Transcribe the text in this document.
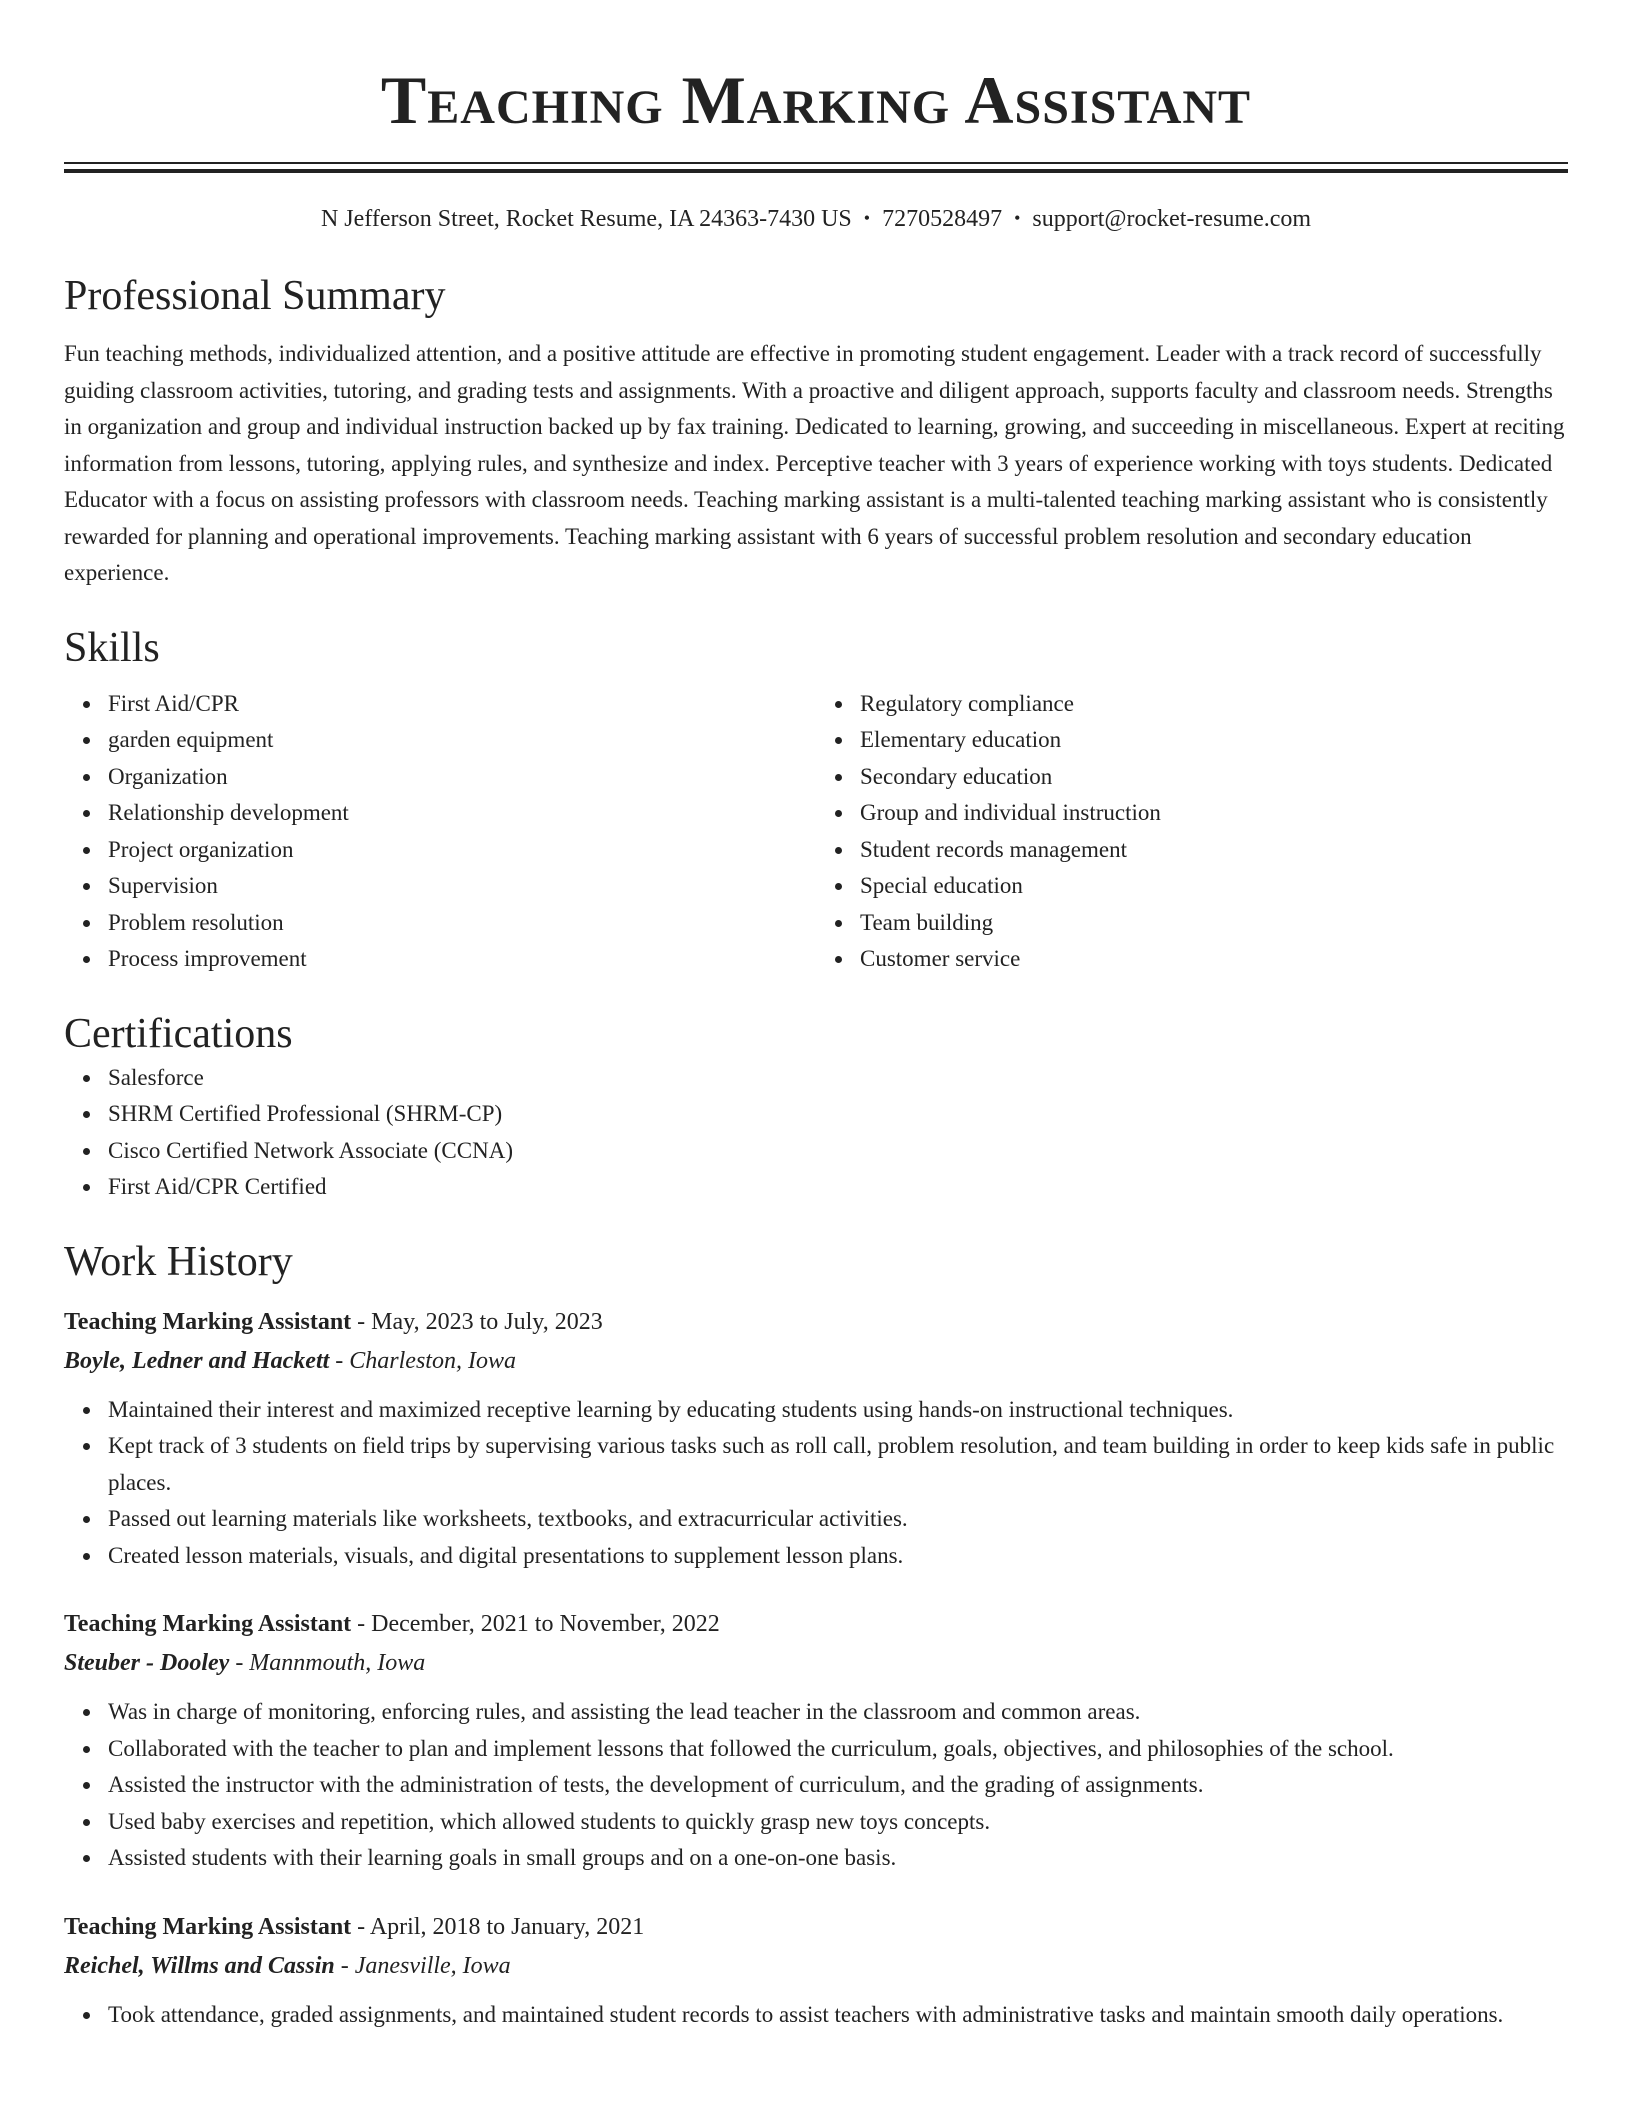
Teaching Marking Assistant
N Jefferson Street, Rocket Resume, IA 24363-7430 US • 7270528497 • support@rocket-resume.com
Professional Summary

Fun teaching methods, individualized attention, and a positive attitude are effective in promoting student engagement. Leader with a track record of successfully guiding classroom activities, tutoring, and grading tests and assignments. With a proactive and diligent approach, supports faculty and classroom needs. Strengths in organization and group and individual instruction backed up by fax training. Dedicated to learning, growing, and succeeding in miscellaneous. Expert at reciting information from lessons, tutoring, applying rules, and synthesize and index. Perceptive teacher with 3 years of experience working with toys students. Dedicated Educator with a focus on assisting professors with classroom needs. Teaching marking assistant is a multi-talented teaching marking assistant who is consistently rewarded for planning and operational improvements. Teaching marking assistant with 6 years of successful problem resolution and secondary education experience.

Skills
First Aid/CPR
garden equipment
Organization
Relationship development
Project organization
Supervision
Problem resolution
Process improvement
Regulatory compliance
Elementary education
Secondary education
Group and individual instruction
Student records management
Special education
Team building
Customer service
Certifications
Salesforce
SHRM Certified Professional (SHRM-CP)
Cisco Certified Network Associate (CCNA)
First Aid/CPR Certified
Work History
Teaching Marking Assistant - May, 2023 to July, 2023
Boyle, Ledner and Hackett - Charleston, Iowa
Maintained their interest and maximized receptive learning by educating students using hands-on instructional techniques.
Kept track of 3 students on field trips by supervising various tasks such as roll call, problem resolution, and team building in order to keep kids safe in public places.
Passed out learning materials like worksheets, textbooks, and extracurricular activities.
Created lesson materials, visuals, and digital presentations to supplement lesson plans.
Teaching Marking Assistant - December, 2021 to November, 2022
Steuber - Dooley - Mannmouth, Iowa
Was in charge of monitoring, enforcing rules, and assisting the lead teacher in the classroom and common areas.
Collaborated with the teacher to plan and implement lessons that followed the curriculum, goals, objectives, and philosophies of the school.
Assisted the instructor with the administration of tests, the development of curriculum, and the grading of assignments.
Used baby exercises and repetition, which allowed students to quickly grasp new toys concepts.
Assisted students with their learning goals in small groups and on a one-on-one basis.
Teaching Marking Assistant - April, 2018 to January, 2021
Reichel, Willms and Cassin - Janesville, Iowa
Took attendance, graded assignments, and maintained student records to assist teachers with administrative tasks and maintain smooth daily operations.
